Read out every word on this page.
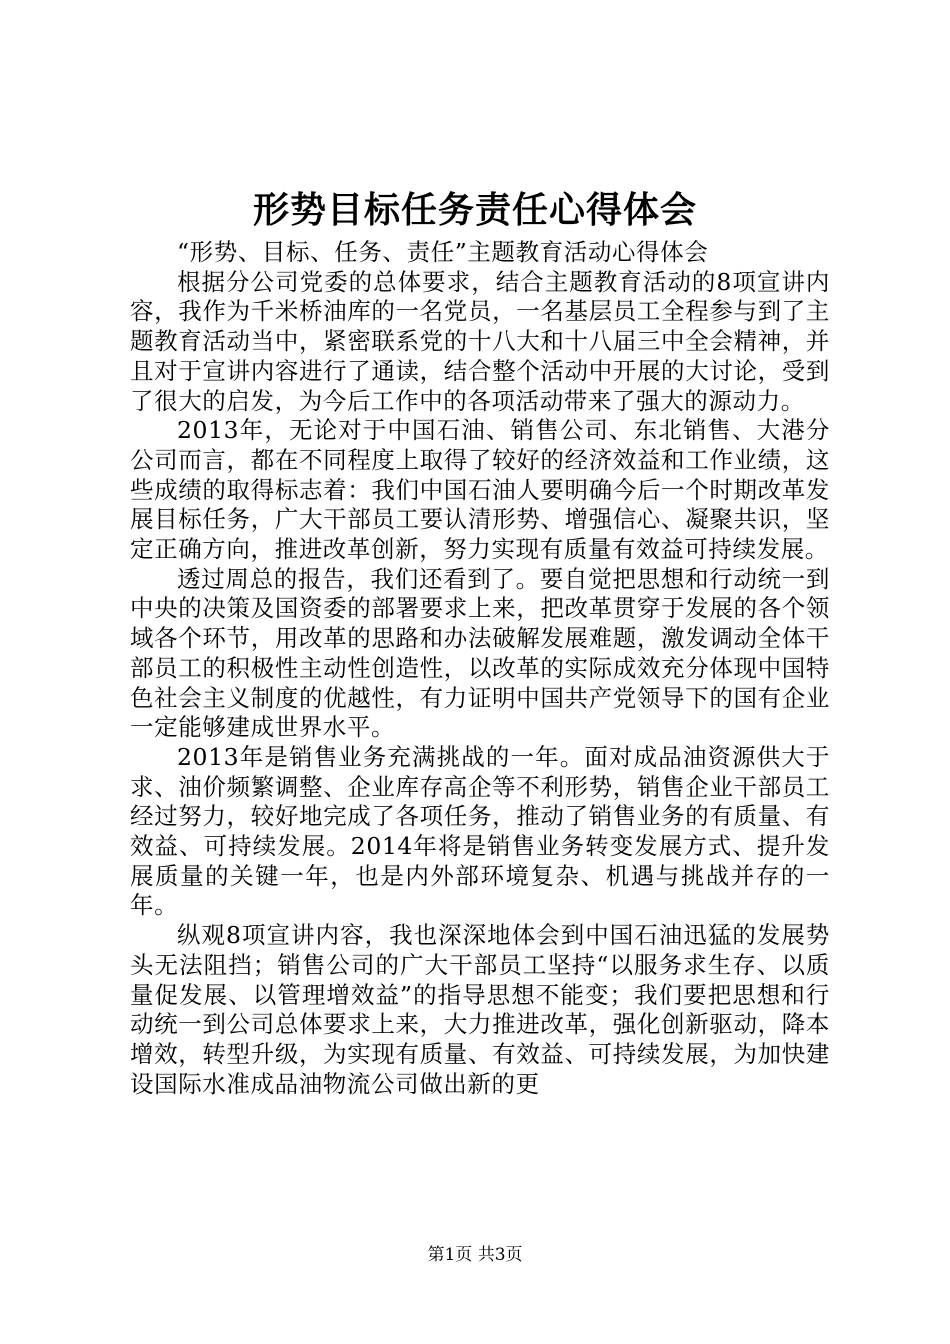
形势目标任务责任心得体会

“形势、目标、任务、责任”主题教育活动心得体会

根据分公司党委的总体要求，结合主题教育活动的8项宣讲内容，我作为千米桥油库的一名党员，一名基层员工全程参与到了主题教育活动当中，紧密联系党的十八大和十八届三中全会精神，并且对于宣讲内容进行了通读，结合整个活动中开展的大讨论，受到了很大的启发，为今后工作中的各项活动带来了强大的源动力。

2013年，无论对于中国石油、销售公司、东北销售、大港分公司而言，都在不同程度上取得了较好的经济效益和工作业绩，这些成绩的取得标志着：我们中国石油人要明确今后一个时期改革发展目标任务，广大干部员工要认清形势、增强信心、凝聚共识，坚定正确方向，推进改革创新，努力实现有质量有效益可持续发展。

透过周总的报告，我们还看到了。要自觉把思想和行动统一到中央的决策及国资委的部署要求上来，把改革贯穿于发展的各个领域各个环节，用改革的思路和办法破解发展难题，激发调动全体干部员工的积极性主动性创造性，以改革的实际成效充分体现中国特色社会主义制度的优越性，有力证明中国共产党领导下的国有企业一定能够建成世界水平。

2013年是销售业务充满挑战的一年。面对成品油资源供大于求、油价频繁调整、企业库存高企等不利形势，销售企业干部员工经过努力，较好地完成了各项任务，推动了销售业务的有质量、有效益、可持续发展。2014年将是销售业务转变发展方式、提升发展质量的关键一年，也是内外部环境复杂、机遇与挑战并存的一年。

纵观8项宣讲内容，我也深深地体会到中国石油迅猛的发展势头无法阻挡；销售公司的广大干部员工坚持“以服务求生存、以质量促发展、以管理增效益”的指导思想不能变；我们要把思想和行动统一到公司总体要求上来，大力推进改革，强化创新驱动，降本增效，转型升级，为实现有质量、有效益、可持续发展，为加快建设国际水准成品油物流公司做出新的更

第1页 共3页
